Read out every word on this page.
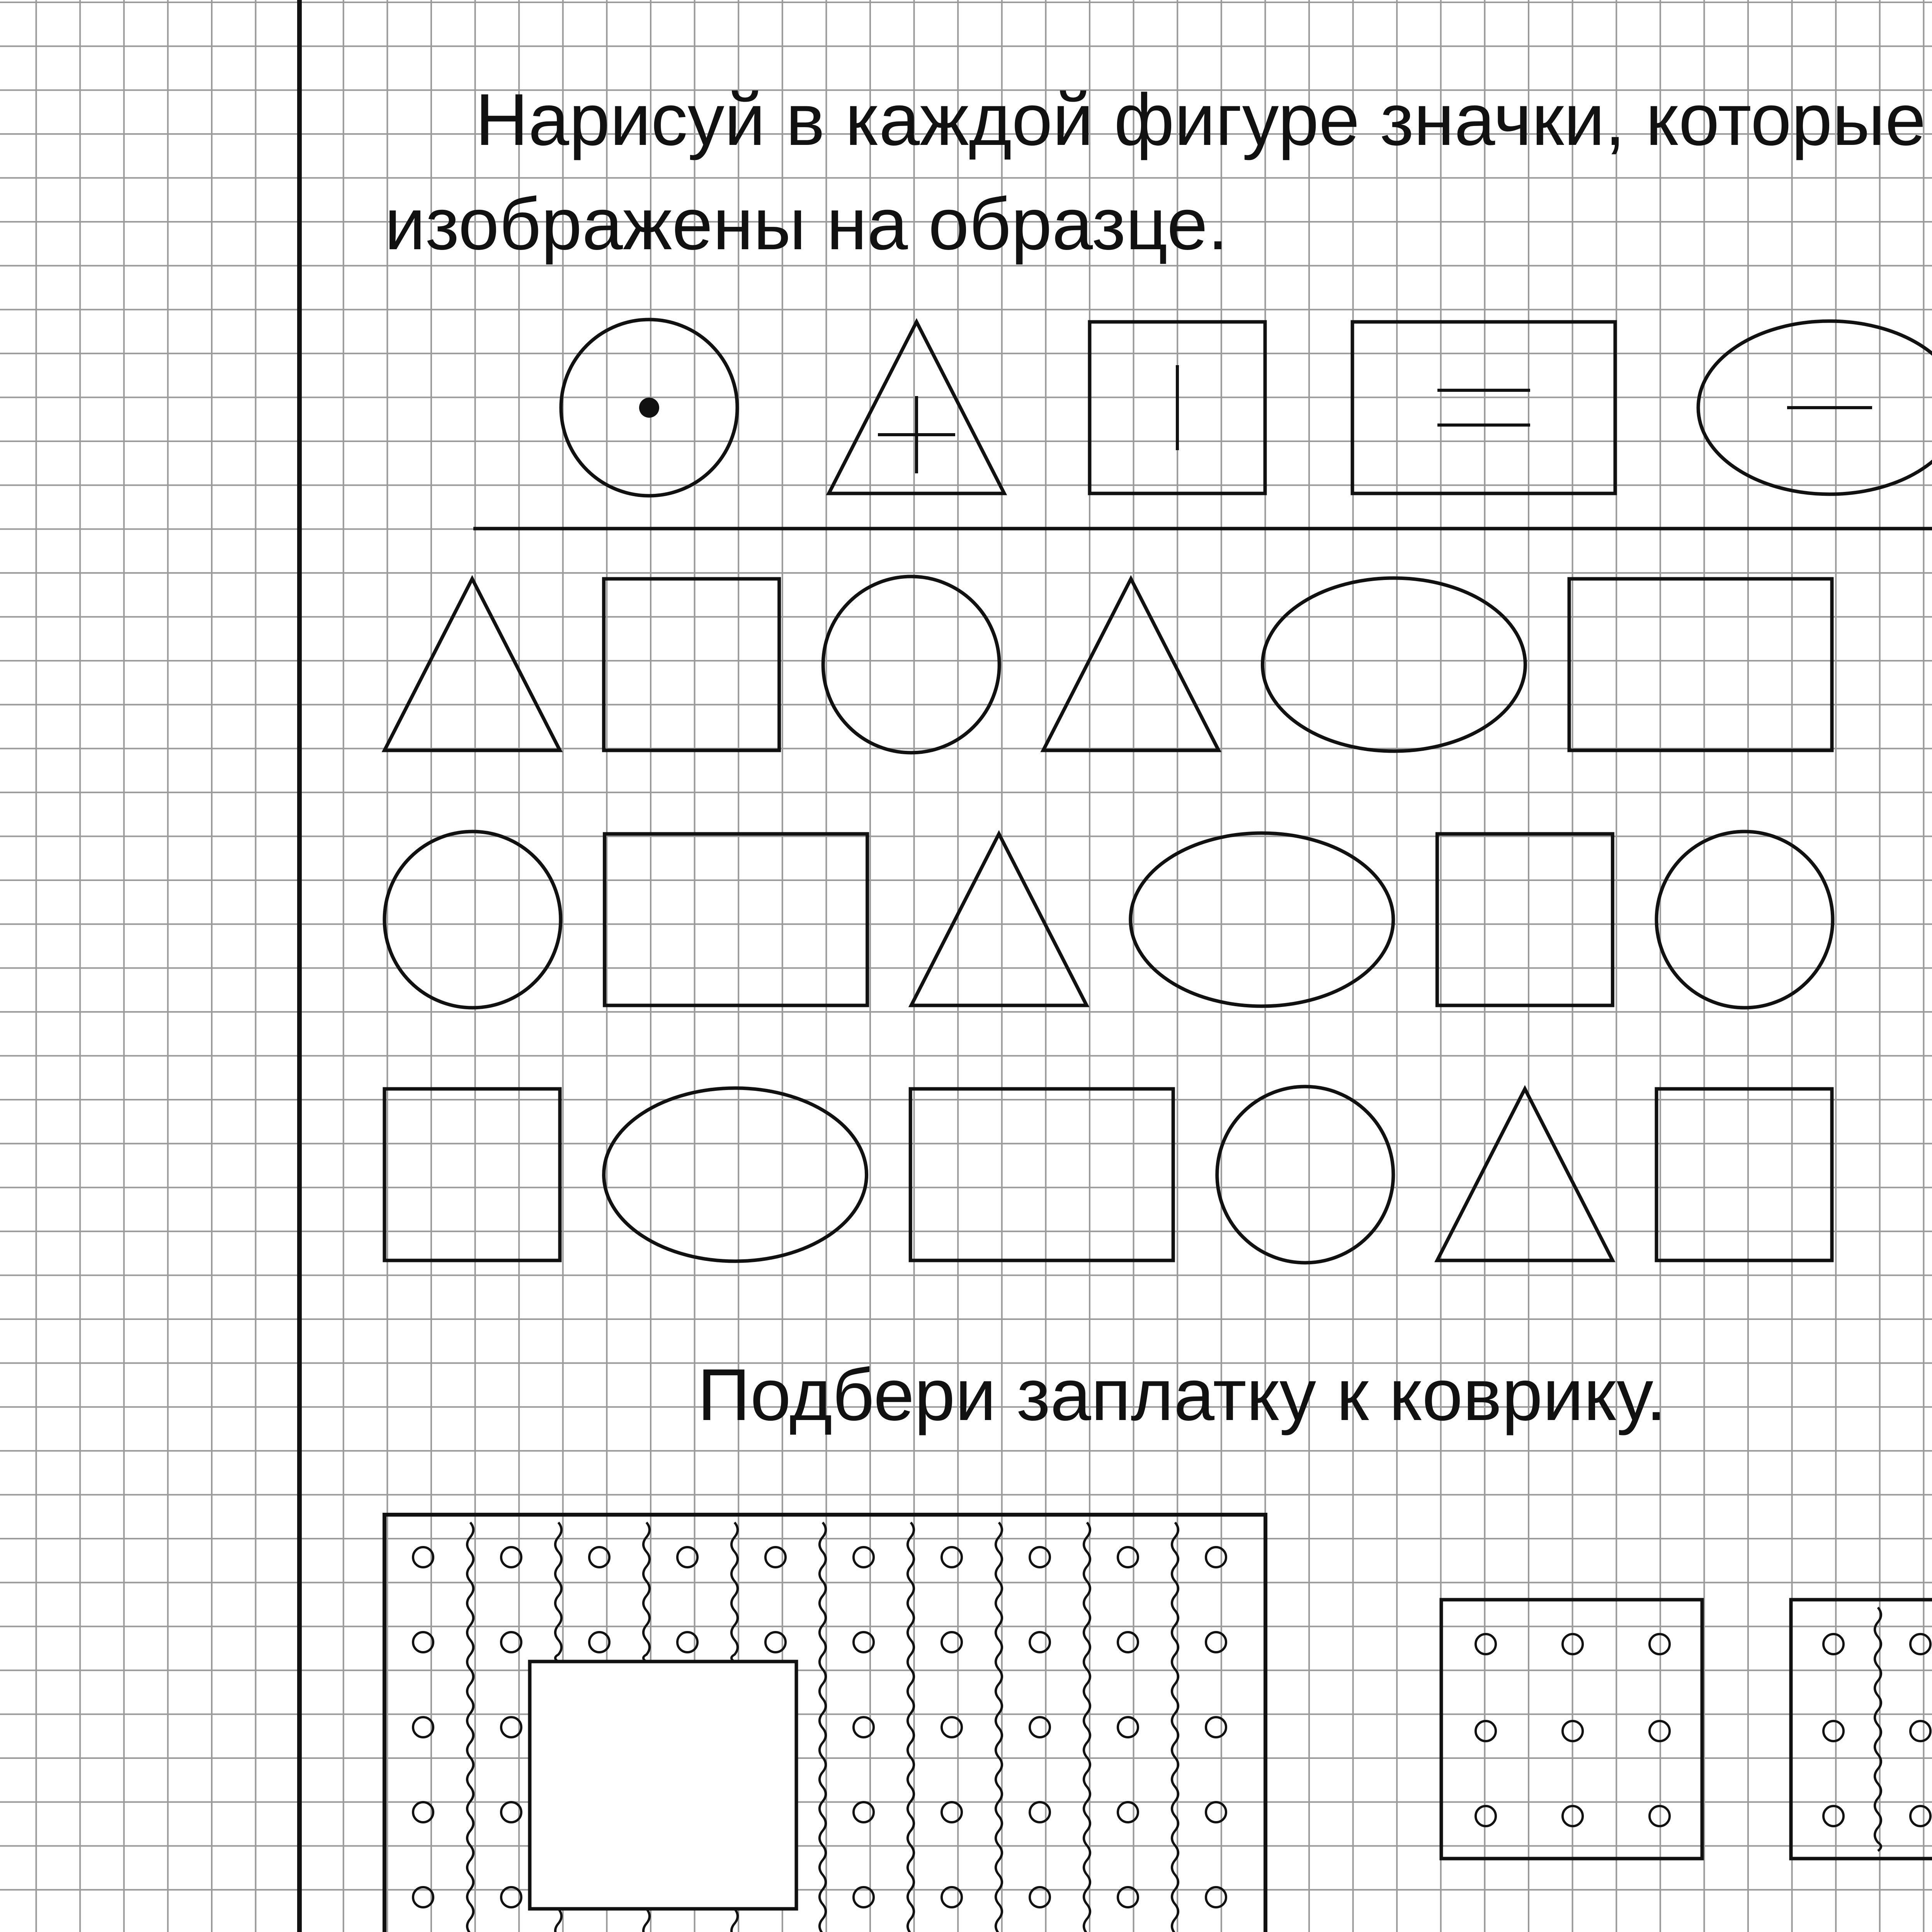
Нарисуй в каждой фигуре значки, которые

изображены на образце.

Подбери заплатку к коврику.
